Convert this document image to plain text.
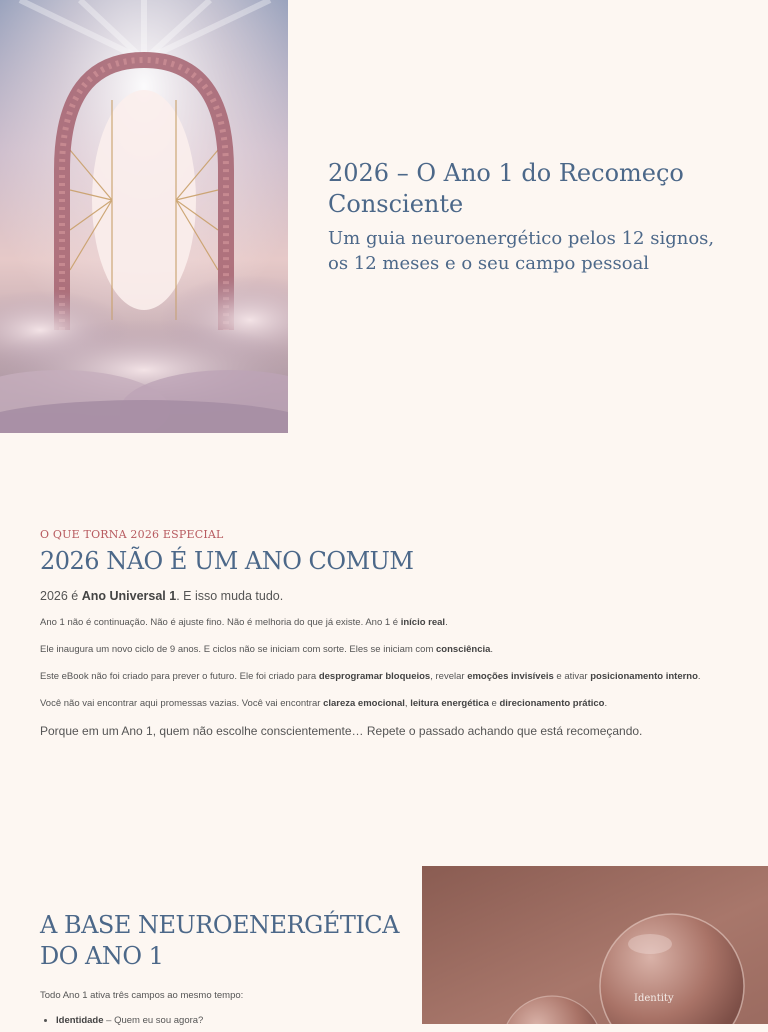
2026 – O Ano 1 do Recomeço Consciente
Um guia neuroenergético pelos 12 signos, os 12 meses e o seu campo pessoal

O QUE TORNA 2026 ESPECIAL

2026 NÃO É UM ANO COMUM

2026 é Ano Universal 1. E isso muda tudo.

Ano 1 não é continuação. Não é ajuste fino. Não é melhoria do que já existe. Ano 1 é início real.

Ele inaugura um novo ciclo de 9 anos. E ciclos não se iniciam com sorte. Eles se iniciam com consciência.

Este eBook não foi criado para prever o futuro. Ele foi criado para desprogramar bloqueios, revelar emoções invisíveis e ativar posicionamento interno.

Você não vai encontrar aqui promessas vazias. Você vai encontrar clareza emocional, leitura energética e direcionamento prático.

Porque em um Ano 1, quem não escolhe conscientemente… Repete o passado achando que está recomeçando.

A BASE NEUROENERGÉTICA DO ANO 1

Todo Ano 1 ativa três campos ao mesmo tempo:

• Identidade – Quem eu sou agora?
Identity
